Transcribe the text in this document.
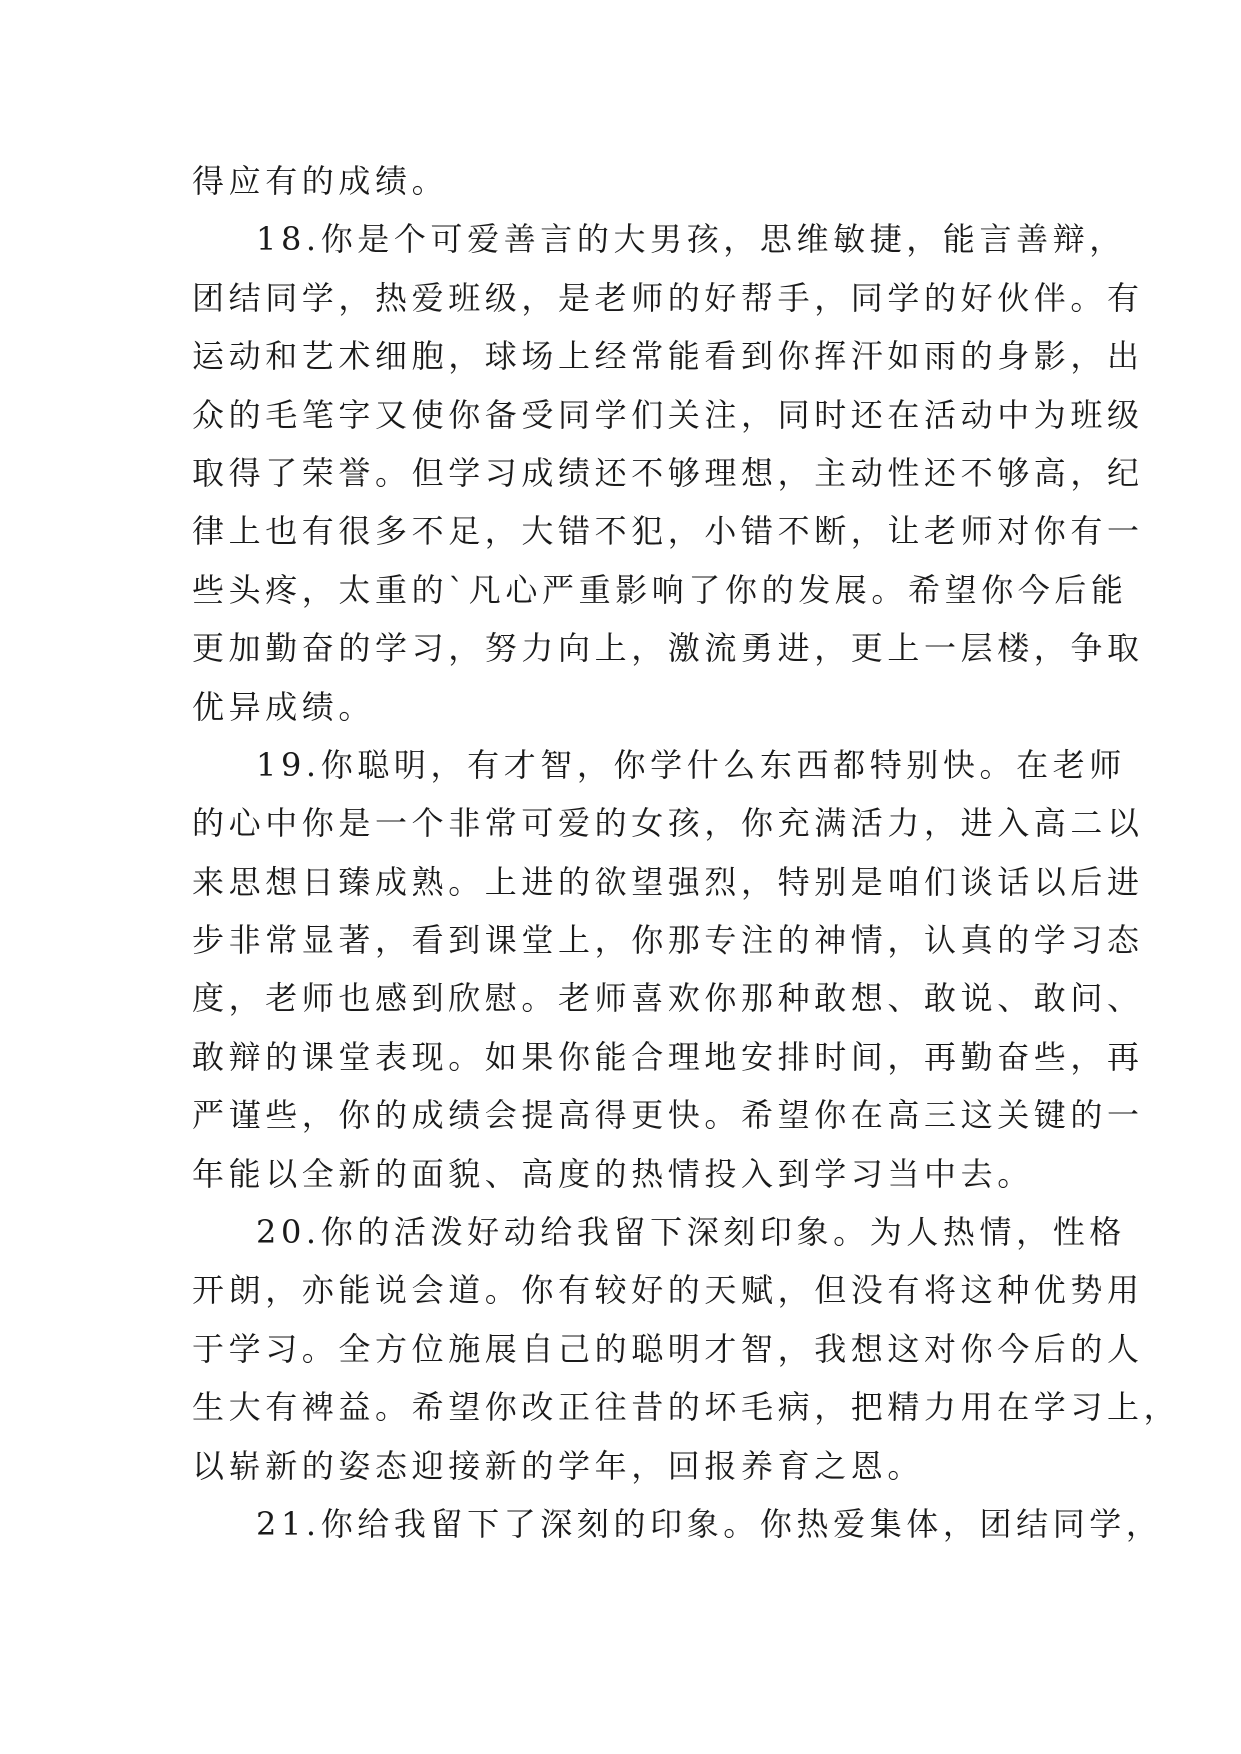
得应有的成绩。
18.你是个可爱善言的大男孩，思维敏捷，能言善辩，
团结同学，热爱班级，是老师的好帮手，同学的好伙伴。有
运动和艺术细胞，球场上经常能看到你挥汗如雨的身影，出
众的毛笔字又使你备受同学们关注，同时还在活动中为班级
取得了荣誉。但学习成绩还不够理想，主动性还不够高，纪
律上也有很多不足，大错不犯，小错不断，让老师对你有一
些头疼，太重的`凡心严重影响了你的发展。希望你今后能
更加勤奋的学习，努力向上，激流勇进，更上一层楼，争取
优异成绩。
19.你聪明，有才智，你学什么东西都特别快。在老师
的心中你是一个非常可爱的女孩，你充满活力，进入高二以
来思想日臻成熟。上进的欲望强烈，特别是咱们谈话以后进
步非常显著，看到课堂上，你那专注的神情，认真的学习态
度，老师也感到欣慰。老师喜欢你那种敢想、敢说、敢问、
敢辩的课堂表现。如果你能合理地安排时间，再勤奋些，再
严谨些，你的成绩会提高得更快。希望你在高三这关键的一
年能以全新的面貌、高度的热情投入到学习当中去。
20.你的活泼好动给我留下深刻印象。为人热情，性格
开朗，亦能说会道。你有较好的天赋，但没有将这种优势用
于学习。全方位施展自己的聪明才智，我想这对你今后的人
生大有裨益。希望你改正往昔的坏毛病，把精力用在学习上，
以崭新的姿态迎接新的学年，回报养育之恩。
21.你给我留下了深刻的印象。你热爱集体，团结同学，
